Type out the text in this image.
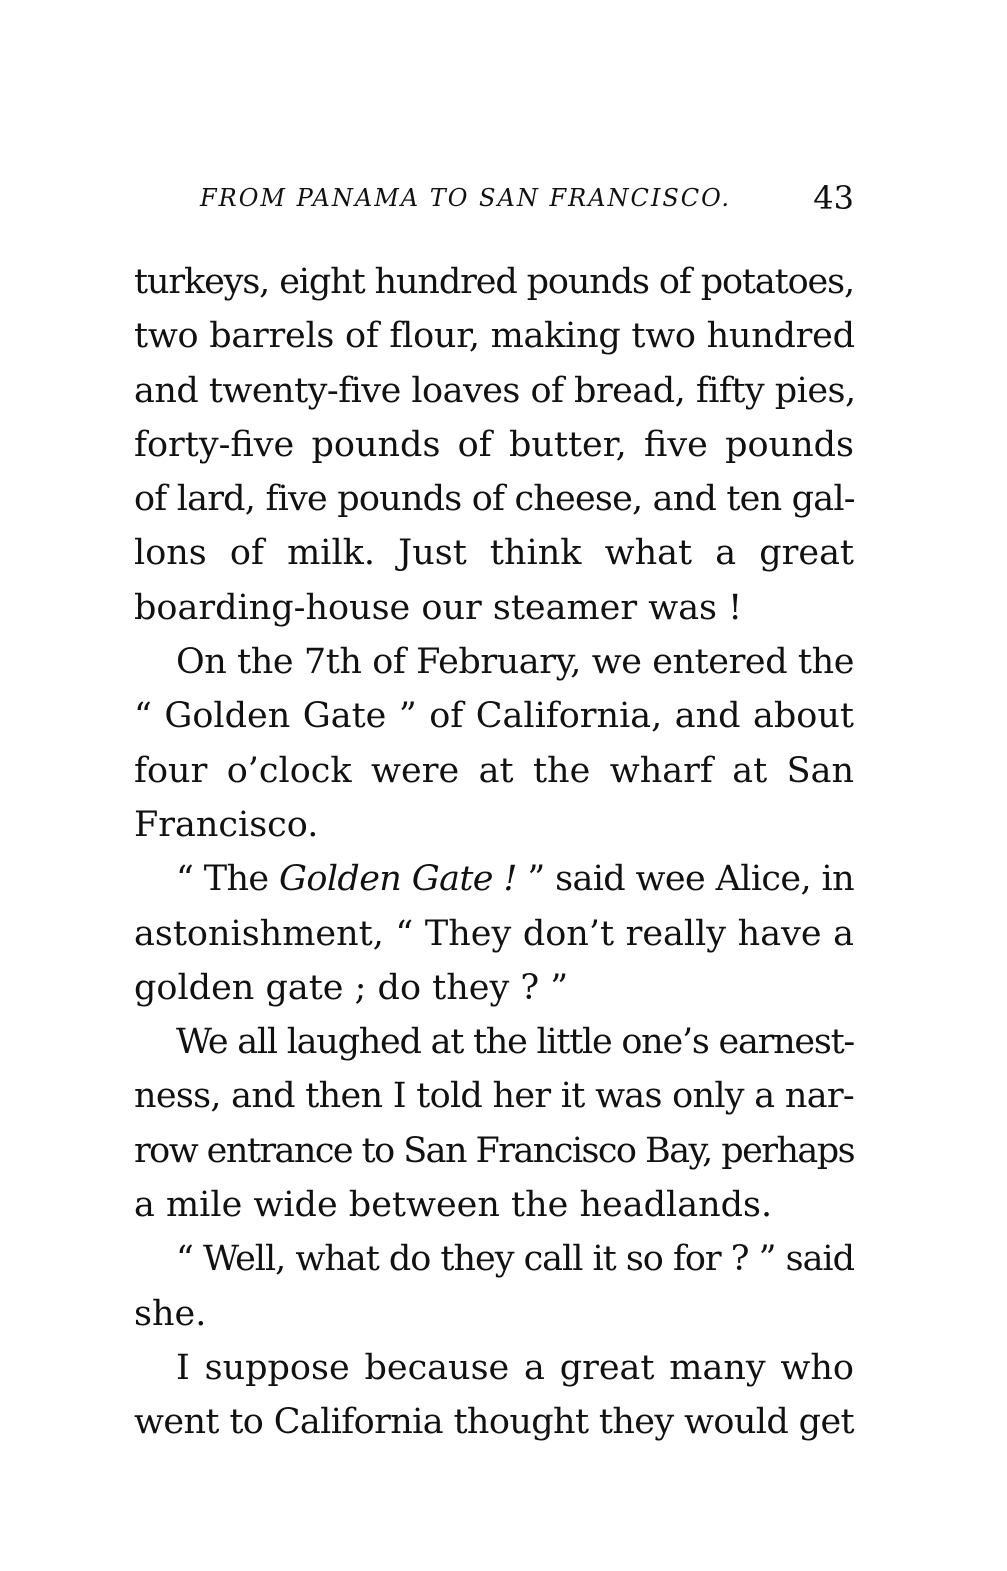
FROM PANAMA TO SAN FRANCISCO.	43
turkeys, eight hundred pounds of potatoes,
two barrels of flour, making two hundred
and twenty-five loaves of bread, fifty pies,
forty-five pounds of butter, five pounds
of lard, five pounds of cheese, and ten gal-
lons of milk. Just think what a great
boarding-house our steamer was !
On the 7th of February, we entered the
“ Golden Gate ” of California, and about
four o’clock were at the wharf at San
Francisco.
“ The Golden Gate ! ” said wee Alice, in
astonishment, “ They don’t really have a
golden gate ; do they ? ”
We all laughed at the little one’s earnest-
ness, and then I told her it was only a nar-
row entrance to San Francisco Bay, perhaps
a mile wide between the headlands.
“ Well, what do they call it so for ? ” said
she.
I suppose because a great many who
went to California thought they would get
